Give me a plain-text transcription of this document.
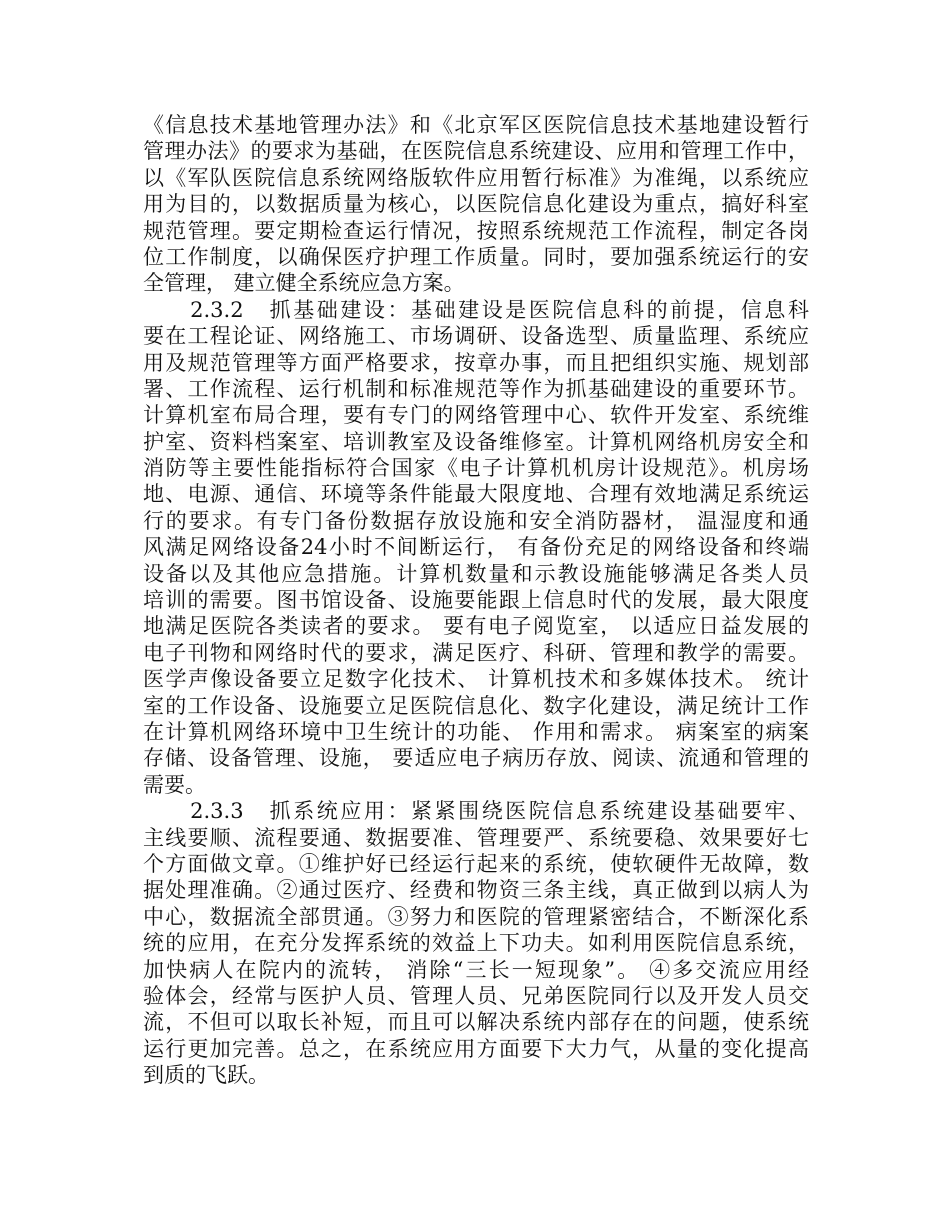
《信息技术基地管理办法》和《北京军区医院信息技术基地建设暂行
管理办法》的要求为基础，在医院信息系统建设、应用和管理工作中，
以《军队医院信息系统网络版软件应用暂行标准》为准绳，以系统应
用为目的，以数据质量为核心，以医院信息化建设为重点，搞好科室
规范管理。要定期检查运行情况，按照系统规范工作流程，制定各岗
位工作制度，以确保医疗护理工作质量。同时，要加强系统运行的安
全管理， 建立健全系统应急方案。
　　2.3.2　抓基础建设：基础建设是医院信息科的前提，信息科
要在工程论证、网络施工、市场调研、设备选型、质量监理、系统应
用及规范管理等方面严格要求，按章办事，而且把组织实施、规划部
署、工作流程、运行机制和标准规范等作为抓基础建设的重要环节。
计算机室布局合理，要有专门的网络管理中心、软件开发室、系统维
护室、资料档案室、培训教室及设备维修室。计算机网络机房安全和
消防等主要性能指标符合国家《电子计算机机房计设规范》。机房场
地、电源、通信、环境等条件能最大限度地、合理有效地满足系统运
行的要求。有专门备份数据存放设施和安全消防器材， 温湿度和通
风满足网络设备24小时不间断运行， 有备份充足的网络设备和终端
设备以及其他应急措施。计算机数量和示教设施能够满足各类人员
培训的需要。图书馆设备、设施要能跟上信息时代的发展，最大限度
地满足医院各类读者的要求。 要有电子阅览室， 以适应日益发展的
电子刊物和网络时代的要求，满足医疗、科研、管理和教学的需要。
医学声像设备要立足数字化技术、 计算机技术和多媒体技术。 统计
室的工作设备、设施要立足医院信息化、数字化建设，满足统计工作
在计算机网络环境中卫生统计的功能、 作用和需求。 病案室的病案
存储、设备管理、设施， 要适应电子病历存放、阅读、流通和管理的
需要。
　　2.3.3　抓系统应用：紧紧围绕医院信息系统建设基础要牢、
主线要顺、流程要通、数据要准、管理要严、系统要稳、效果要好七
个方面做文章。①维护好已经运行起来的系统，使软硬件无故障，数
据处理准确。②通过医疗、经费和物资三条主线，真正做到以病人为
中心，数据流全部贯通。③努力和医院的管理紧密结合，不断深化系
统的应用，在充分发挥系统的效益上下功夫。如利用医院信息系统，
加快病人在院内的流转， 消除“三长一短现象”。 ④多交流应用经
验体会，经常与医护人员、管理人员、兄弟医院同行以及开发人员交
流，不但可以取长补短，而且可以解决系统内部存在的问题，使系统
运行更加完善。总之，在系统应用方面要下大力气，从量的变化提高
到质的飞跃。
